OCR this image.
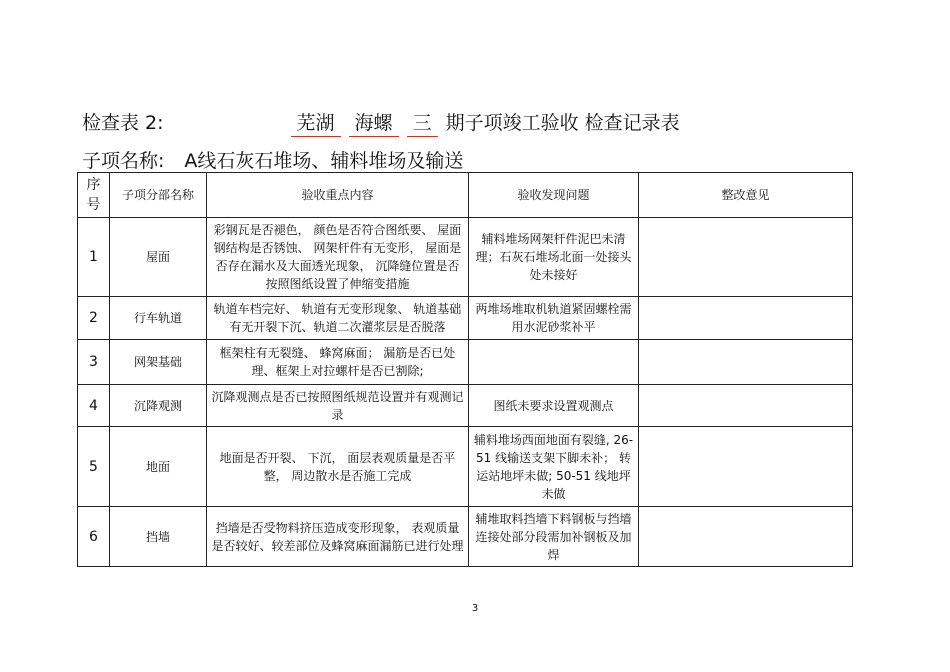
检查表 2:	芜湖 海螺 三 期子项竣工验收 检查记录表
子项名称: A线石灰石堆场、辅料堆场及输送
序号	子项分部名称	验收重点内容	验收发现问题	整改意见
1	屋面	彩钢瓦是否褪色， 颜色是否符合图纸要、 屋面钢结构是否锈蚀、 网架杆件有无变形， 屋面是否存在漏水及大面透光现象， 沉降缝位置是否按照图纸设置了伸缩变措施	辅料堆场网架杆件泥巴未清理；石灰石堆场北面一处接头处未接好	
2	行车轨道	轨道车档完好、 轨道有无变形现象、 轨道基础有无开裂下沉、轨道二次灌浆层是否脱落	两堆场堆取机轨道紧固螺栓需用水泥砂浆补平	
3	网架基础	框架柱有无裂缝、 蜂窝麻面； 漏筋是否已处理、框架上对拉螺杆是否已割除;		
4	沉降观测	沉降观测点是否已按照图纸规范设置并有观测记录	图纸未要求设置观测点	
5	地面	地面是否开裂、 下沉， 面层表观质量是否平整， 周边散水是否施工完成	辅料堆场西面地面有裂缝, 26-51 线输送支架下脚未补； 转运站地坪未做; 50-51 线地坪未做	
6	挡墙	挡墙是否受物料挤压造成变形现象， 表观质量是否较好、较差部位及蜂窝麻面漏筋已进行处理	辅堆取料挡墙下料钢板与挡墙连接处部分段需加补钢板及加焊	
3
